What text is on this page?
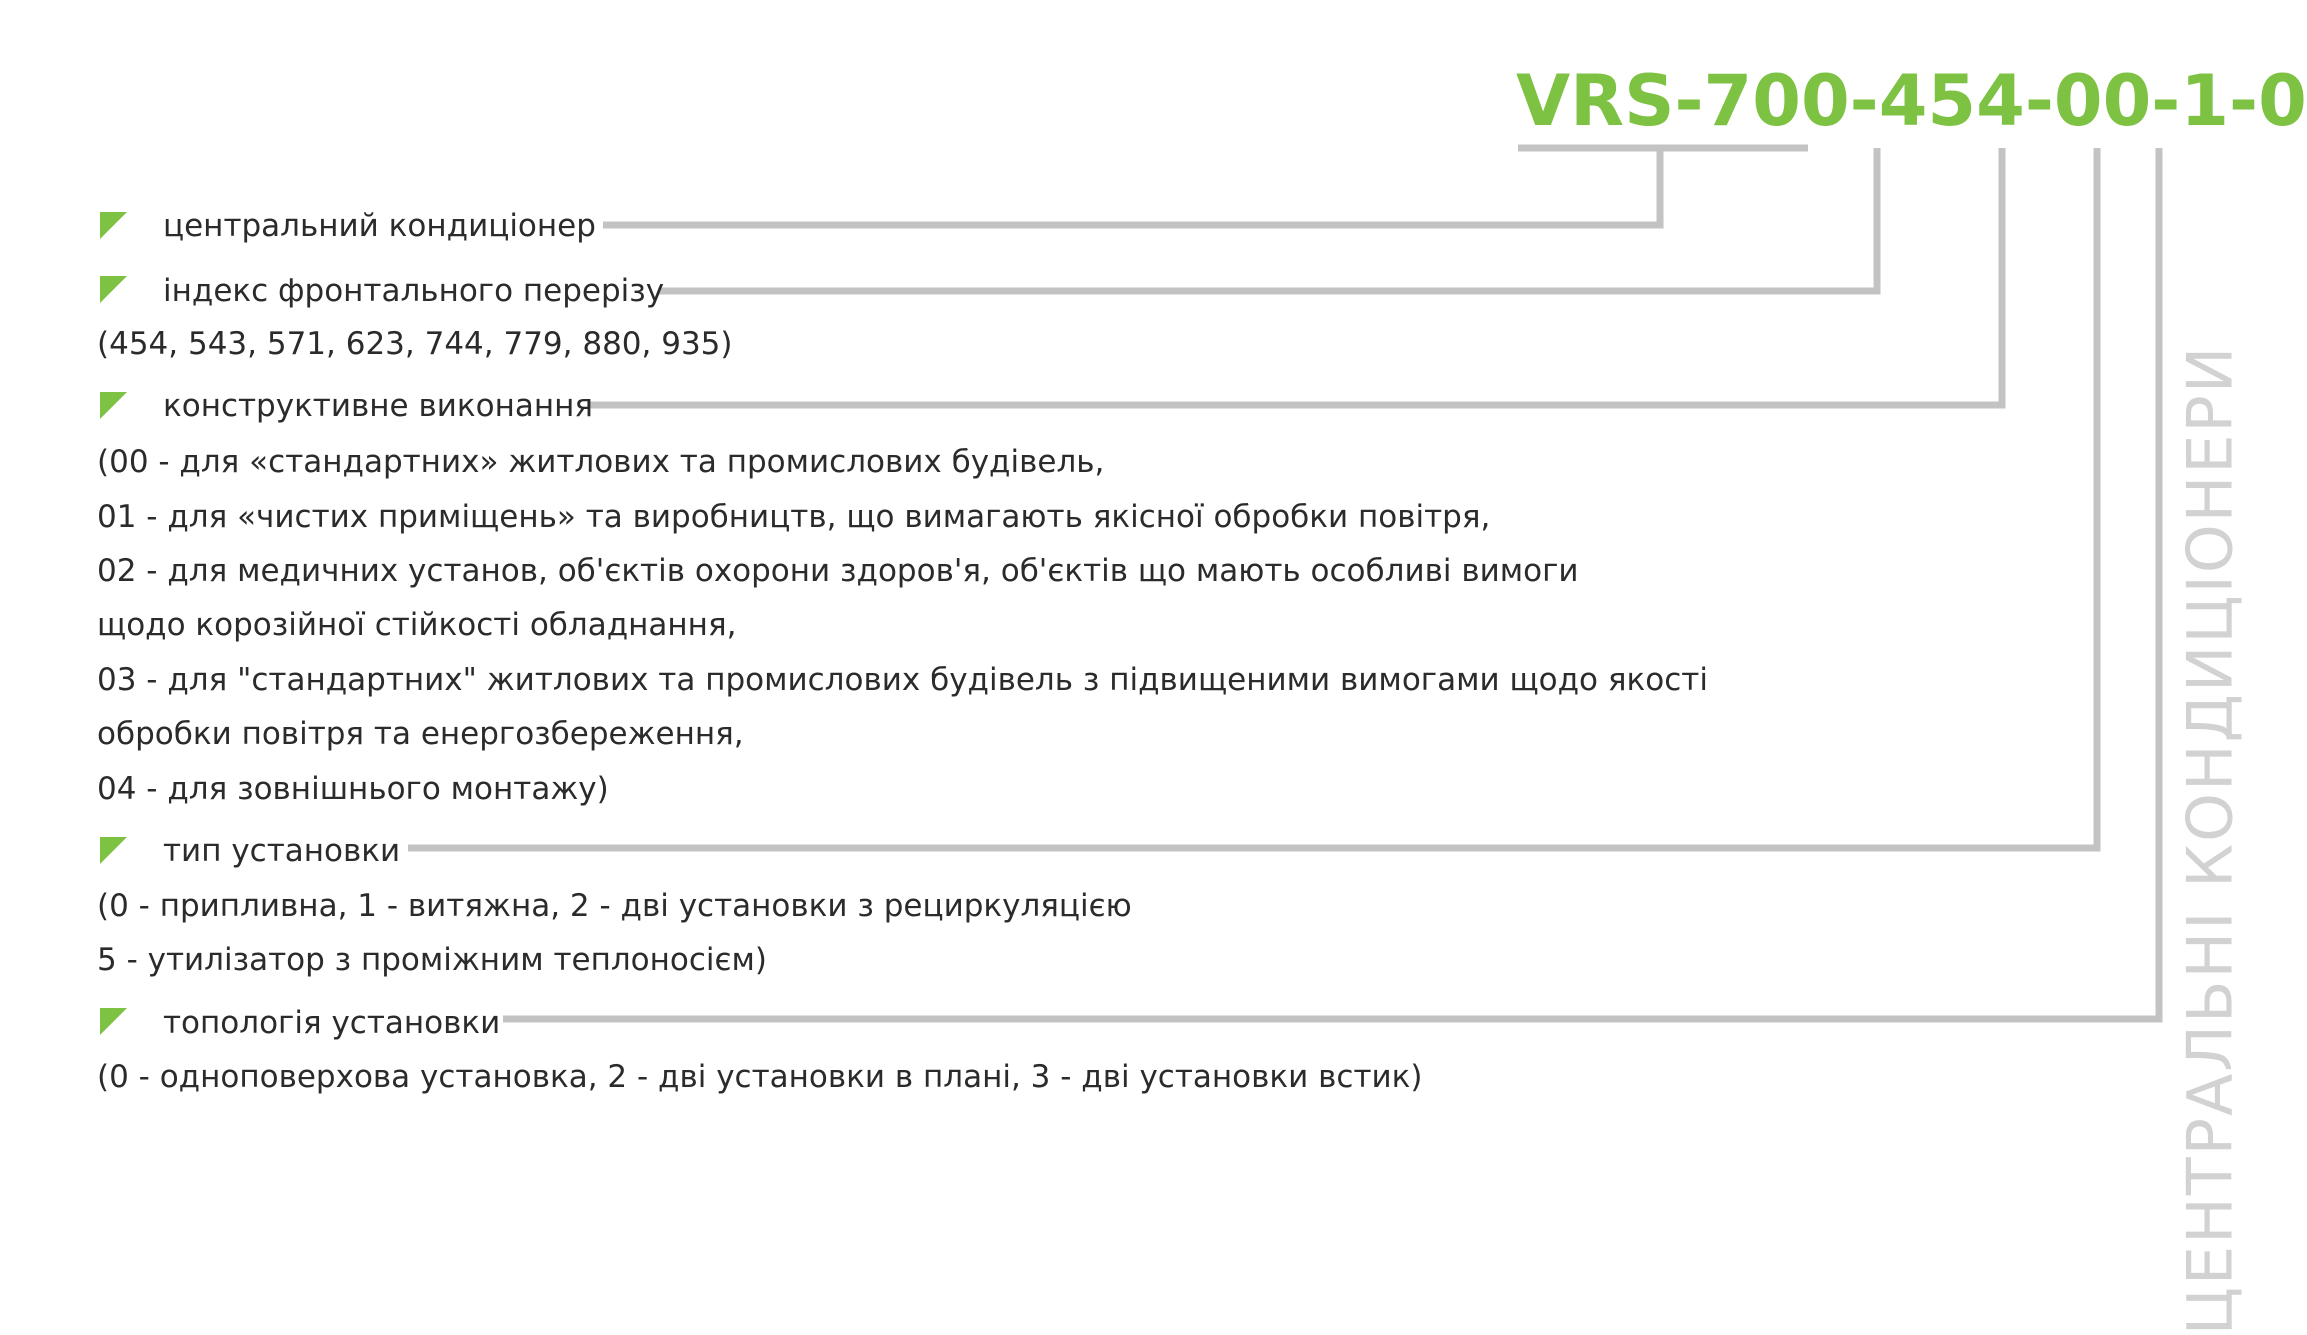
VRS-700-454-00-1-0
центральний кондиціонер
індекс фронтального перерізу
(454, 543, 571, 623, 744, 779, 880, 935)
конструктивне виконання
(00 - для «стандартних» житлових та промислових будівель,
01 - для «чистих приміщень» та виробництв, що вимагають якісної обробки повітря,
02 - для медичних установ, об'єктів охорони здоров'я, об'єктів що мають особливі вимоги
щодо корозійної стійкості обладнання,
03 - для "стандартних" житлових та промислових будівель з підвищеними вимогами щодо якості
обробки повітря та енергозбереження,
04 - для зовнішнього монтажу)
тип установки
(0 - припливна, 1 - витяжна, 2 - дві установки з рециркуляцією
5 - утилізатор з проміжним теплоносієм)
топологія установки
(0 - одноповерхова установка, 2 - дві установки в плані, 3 - дві установки встик)	ЦЕНТРАЛЬНІ КОНДИЦІОНЕРИ
